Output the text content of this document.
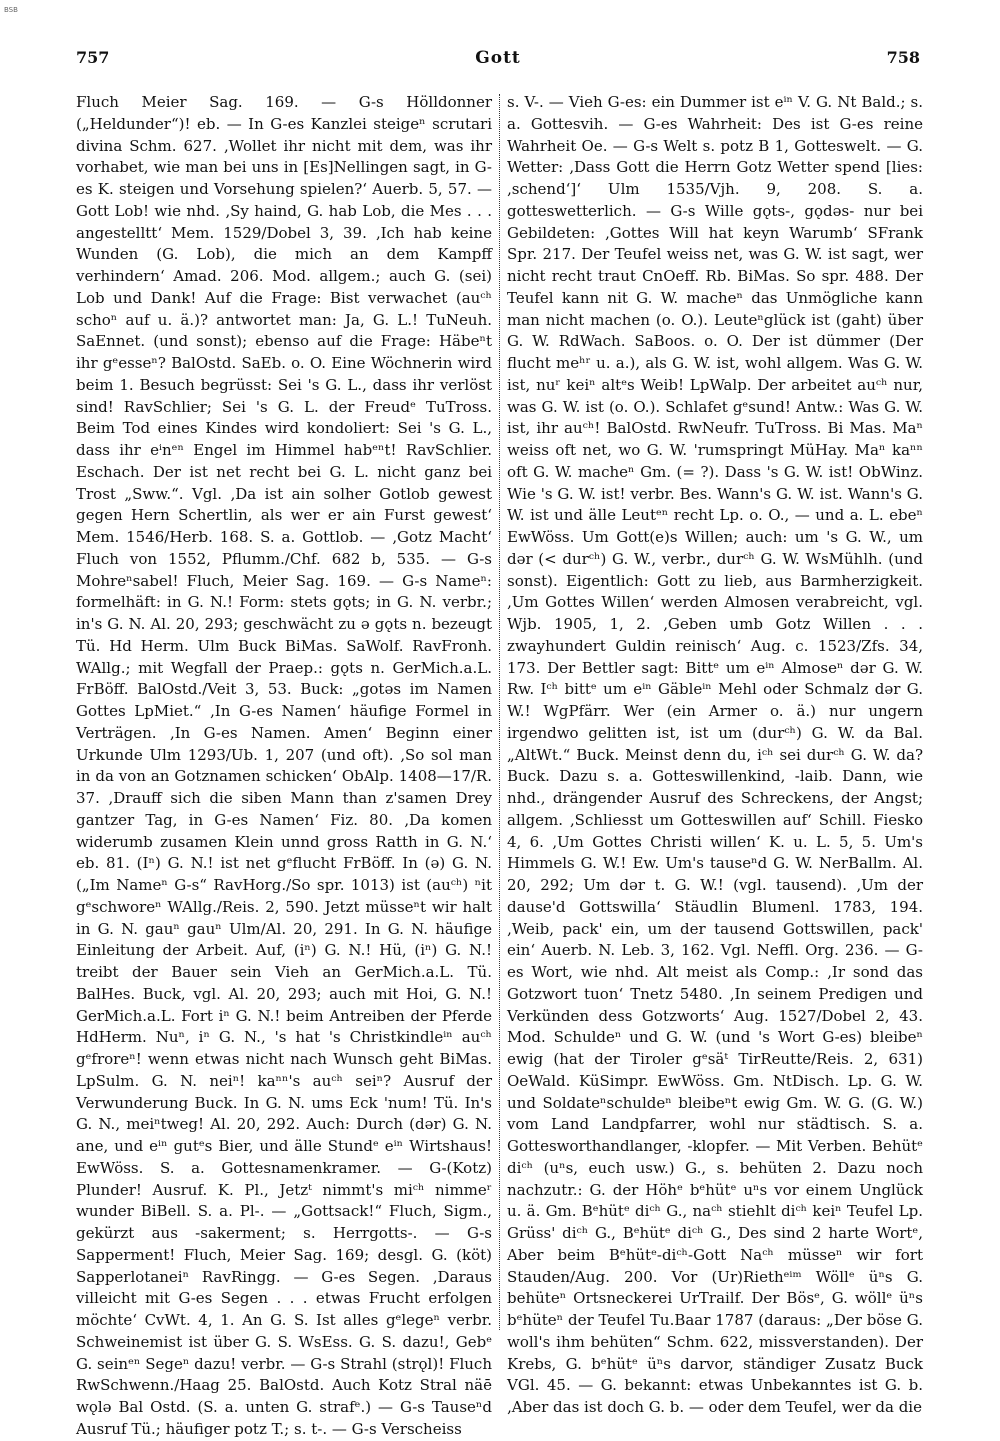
BSB
757	Gott	758

Fluch Meier Sag. 169. — G-s Hölldonner („Heldunder“)! eb. — In G-es Kanzlei steigeⁿ scrutari divina Schm. 627. ‚Wollet ihr nicht mit dem, was ihr vorhabet, wie man bei uns in [Es]Nellingen sagt, in G-es K. steigen und Vorsehung spielen?‘ Auerb. 5, 57. — Gott Lob! wie nhd. ‚Sy haind, G. hab Lob, die Mes . . . angestelltt‘ Mem. 1529/Dobel 3, 39. ‚Ich hab keine Wunden (G. Lob), die mich an dem Kampff verhindern‘ Amad. 206. Mod. allgem.; auch G. (sei) Lob und Dank! Auf die Frage: Bist verwachet (auᶜʰ schoⁿ auf u. ä.)? antwortet man: Ja, G. L.! TuNeuh. SaEnnet. (und sonst); ebenso auf die Frage: Häbeⁿt ihr gᵉesseⁿ? BalOstd. SaEb. o. O. Eine Wöchnerin wird beim 1. Besuch begrüsst: Sei 's G. L., dass ihr verlöst sind! RavSchlier; Sei 's G. L. der Freudᵉ TuTross. Beim Tod eines Kindes wird kondoliert: Sei 's G. L., dass ihr eⁱnᵉⁿ Engel im Himmel habᵉⁿt! RavSchlier. Eschach. Der ist net recht bei G. L. nicht ganz bei Trost „Sww.“. Vgl. ‚Da ist ain solher Gotlob gewest gegen Hern Schertlin, als wer er ain Furst gewest‘ Mem. 1546/Herb. 168. S. a. Gottlob. — ‚Gotz Macht‘ Fluch von 1552, Pflumm./Chf. 682 b, 535. — G-s Mohreⁿsabel! Fluch, Meier Sag. 169. — G-s Nameⁿ: formelhäft: in G. N.! Form: stets gǫts; in G. N. verbr.; in's G. N. Al. 20, 293; geschwächt zu ə gǫts n. bezeugt Tü. Hd Herm. Ulm Buck BiMas. SaWolf. RavFronh. WAllg.; mit Wegfall der Praep.: gǫts n. GerMich.a.L. FrBöff. BalOstd./Veit 3, 53. Buck: „gotəs im Namen Gottes LpMiet.“ ‚In G-es Namen‘ häufige Formel in Verträgen. ‚In G-es Namen. Amen‘ Beginn einer Urkunde Ulm 1293/Ub. 1, 207 (und oft). ‚So sol man in da von an Gotznamen schicken‘ ObAlp. 1408—17/R. 37. ‚Drauff sich die siben Mann than z'samen Drey gantzer Tag, in G-es Namen‘ Fiz. 80. ‚Da komen widerumb zusamen Klein unnd gross Ratth in G. N.‘ eb. 81. (Iⁿ) G. N.! ist net gᵉflucht FrBöff. In (ə) G. N. („Im Nameⁿ G-s“ RavHorg./So spr. 1013) ist (auᶜʰ) ⁿit gᵉschworeⁿ WAllg./Reis. 2, 590. Jetzt müsseⁿt wir halt in G. N. gauⁿ gauⁿ Ulm/Al. 20, 291. In G. N. häufige Einleitung der Arbeit. Auf, (iⁿ) G. N.! Hü, (iⁿ) G. N.! treibt der Bauer sein Vieh an GerMich.a.L. Tü. BalHes. Buck, vgl. Al. 20, 293; auch mit Hoi, G. N.! GerMich.a.L. Fort iⁿ G. N.! beim Antreiben der Pferde HdHerm. Nuⁿ, iⁿ G. N., 's hat 's Christkindleⁱⁿ auᶜʰ gᵉfroreⁿ! wenn etwas nicht nach Wunsch geht BiMas. LpSulm. G. N. neiⁿ! kaⁿⁿ's auᶜʰ seiⁿ? Ausruf der Verwunderung Buck. In G. N. ums Eck 'num! Tü. In's G. N., meiⁿtweg! Al. 20, 292. Auch: Durch (dər) G. N. ane, und eⁱⁿ gutᵉs Bier, und älle Stundᵉ eⁱⁿ Wirtshaus! EwWöss. S. a. Gottesnamenkramer. — G-(Kotz) Plunder! Ausruf. K. Pl., Jetzᵗ nimmt's miᶜʰ nimmeʳ wunder BiBell. S. a. Pl-. — „Gottsack!“ Fluch, Sigm., gekürzt aus -sakerment; s. Herrgotts-. — G-s Sapperment! Fluch, Meier Sag. 169; desgl. G. (köt) Sapperlotaneiⁿ RavRingg. — G-es Segen. ‚Daraus villeicht mit G-es Segen . . . etwas Frucht erfolgen möchte‘ CvWt. 4, 1. An G. S. Ist alles gᵉlegeⁿ verbr. Schweinemist ist über G. S. WsEss. G. S. dazu!, Gebᵉ G. seinᵉⁿ Segeⁿ dazu! verbr. — G-s Strahl (strǫl)! Fluch RwSchwenn./Haag 25. BalOstd. Auch Kotz Stral näē wǫlə Bal Ostd. (S. a. unten G. strafᵉ.) — G-s Tauseⁿd Ausruf Tü.; häufiger potz T.; s. t-. — G-s Verscheiss

s. V-. — Vieh G-es: ein Dummer ist eⁱⁿ V. G. Nt Bald.; s. a. Gottesvih. — G-es Wahrheit: Des ist G-es reine Wahrheit Oe. — G-s Welt s. potz B 1, Gotteswelt. — G. Wetter: ‚Dass Gott die Herrn Gotz Wetter spend [lies: ‚schend‘]‘ Ulm 1535/Vjh. 9, 208. S. a. gotteswetterlich. — G-s Wille gǫts-, gǫdəs- nur bei Gebildeten: ‚Gottes Will hat keyn Warumb‘ SFrank Spr. 217. Der Teufel weiss net, was G. W. ist sagt, wer nicht recht traut CnOeff. Rb. BiMas. So spr. 488. Der Teufel kann nit G. W. macheⁿ das Unmögliche kann man nicht machen (o. O.). Leuteⁿglück ist (gaht) über G. W. RdWach. SaBoos. o. O. Der ist dümmer (Der flucht meʰʳ u. a.), als G. W. ist, wohl allgem. Was G. W. ist, nuʳ keiⁿ altᵉs Weib! LpWalp. Der arbeitet auᶜʰ nur, was G. W. ist (o. O.). Schlafet gᵉsund! Antw.: Was G. W. ist, ihr auᶜʰ! BalOstd. RwNeufr. TuTross. Bi Mas. Maⁿ weiss oft net, wo G. W. 'rumspringt MüHay. Maⁿ kaⁿⁿ oft G. W. macheⁿ Gm. (= ?). Dass 's G. W. ist! ObWinz. Wie 's G. W. ist! verbr. Bes. Wann's G. W. ist. Wann's G. W. ist und älle Leutᵉⁿ recht Lp. o. O., — und a. L. ebeⁿ EwWöss. Um Gott(e)s Willen; auch: um 's G. W., um dər (< durᶜʰ) G. W., verbr., durᶜʰ G. W. WsMühlh. (und sonst). Eigentlich: Gott zu lieb, aus Barmherzigkeit. ‚Um Gottes Willen‘ werden Almosen verabreicht, vgl. Wjb. 1905, 1, 2. ‚Geben umb Gotz Willen . . . zwayhundert Guldin reinisch‘ Aug. c. 1523/Zfs. 34, 173. Der Bettler sagt: Bittᵉ um eⁱⁿ Almoseⁿ dər G. W. Rw. Iᶜʰ bittᵉ um eⁱⁿ Gäbleⁱⁿ Mehl oder Schmalz dər G. W.! WgPfärr. Wer (ein Armer o. ä.) nur ungern irgendwo gelitten ist, ist um (durᶜʰ) G. W. da Bal. „AltWt.“ Buck. Meinst denn du, iᶜʰ sei durᶜʰ G. W. da? Buck. Dazu s. a. Gotteswillenkind, -laib. Dann, wie nhd., drängender Ausruf des Schreckens, der Angst; allgem. ‚Schliesst um Gotteswillen auf‘ Schill. Fiesko 4, 6. ‚Um Gottes Christi willen‘ K. u. L. 5, 5. Um's Himmels G. W.! Ew. Um's tauseⁿd G. W. NerBallm. Al. 20, 292; Um dər t. G. W.! (vgl. tausend). ‚Um der dause'd Gottswilla‘ Stäudlin Blumenl. 1783, 194. ‚Weib, pack' ein, um der tausend Gottswillen, pack' ein‘ Auerb. N. Leb. 3, 162. Vgl. Neffl. Org. 236. — G-es Wort, wie nhd. Alt meist als Comp.: ‚Ir sond das Gotzwort tuon‘ Tnetz 5480. ‚In seinem Predigen und Verkünden dess Gotzworts‘ Aug. 1527/Dobel 2, 43. Mod. Schuldeⁿ und G. W. (und 's Wort G-es) bleibeⁿ ewig (hat der Tiroler gᵉsäᵗ TirReutte/Reis. 2, 631) OeWald. KüSimpr. EwWöss. Gm. NtDisch. Lp. G. W. und Soldateⁿschuldeⁿ bleibeⁿt ewig Gm. W. G. (G. W.) vom Land Landpfarrer, wohl nur städtisch. S. a. Gottesworthandlanger, -klopfer. — Mit Verben. Behütᵉ diᶜʰ (uⁿs, euch usw.) G., s. behüten 2. Dazu noch nachzutr.: G. der Höhᵉ bᵉhütᵉ uⁿs vor einem Unglück u. ä. Gm. Bᵉhütᵉ diᶜʰ G., naᶜʰ stiehlt diᶜʰ keiⁿ Teufel Lp. Grüss' diᶜʰ G., Bᵉhütᵉ diᶜʰ G., Des sind 2 harte Wortᵉ, Aber beim Bᵉhütᵉ-diᶜʰ-Gott Naᶜʰ müsseⁿ wir fort Stauden/Aug. 200. Vor (Ur)Riethᵉⁱᵐ Wöllᵉ üⁿs G. behüteⁿ Ortsneckerei UrTrailf. Der Bösᵉ, G. wöllᵉ üⁿs bᵉhüteⁿ der Teufel Tu.Baar 1787 (daraus: „Der böse G. woll's ihm behüten“ Schm. 622, missverstanden). Der Krebs, G. bᵉhütᵉ üⁿs darvor, ständiger Zusatz Buck VGl. 45. — G. bekannt: etwas Unbekanntes ist G. b. ‚Aber das ist doch G. b. — oder dem Teufel, wer da die
